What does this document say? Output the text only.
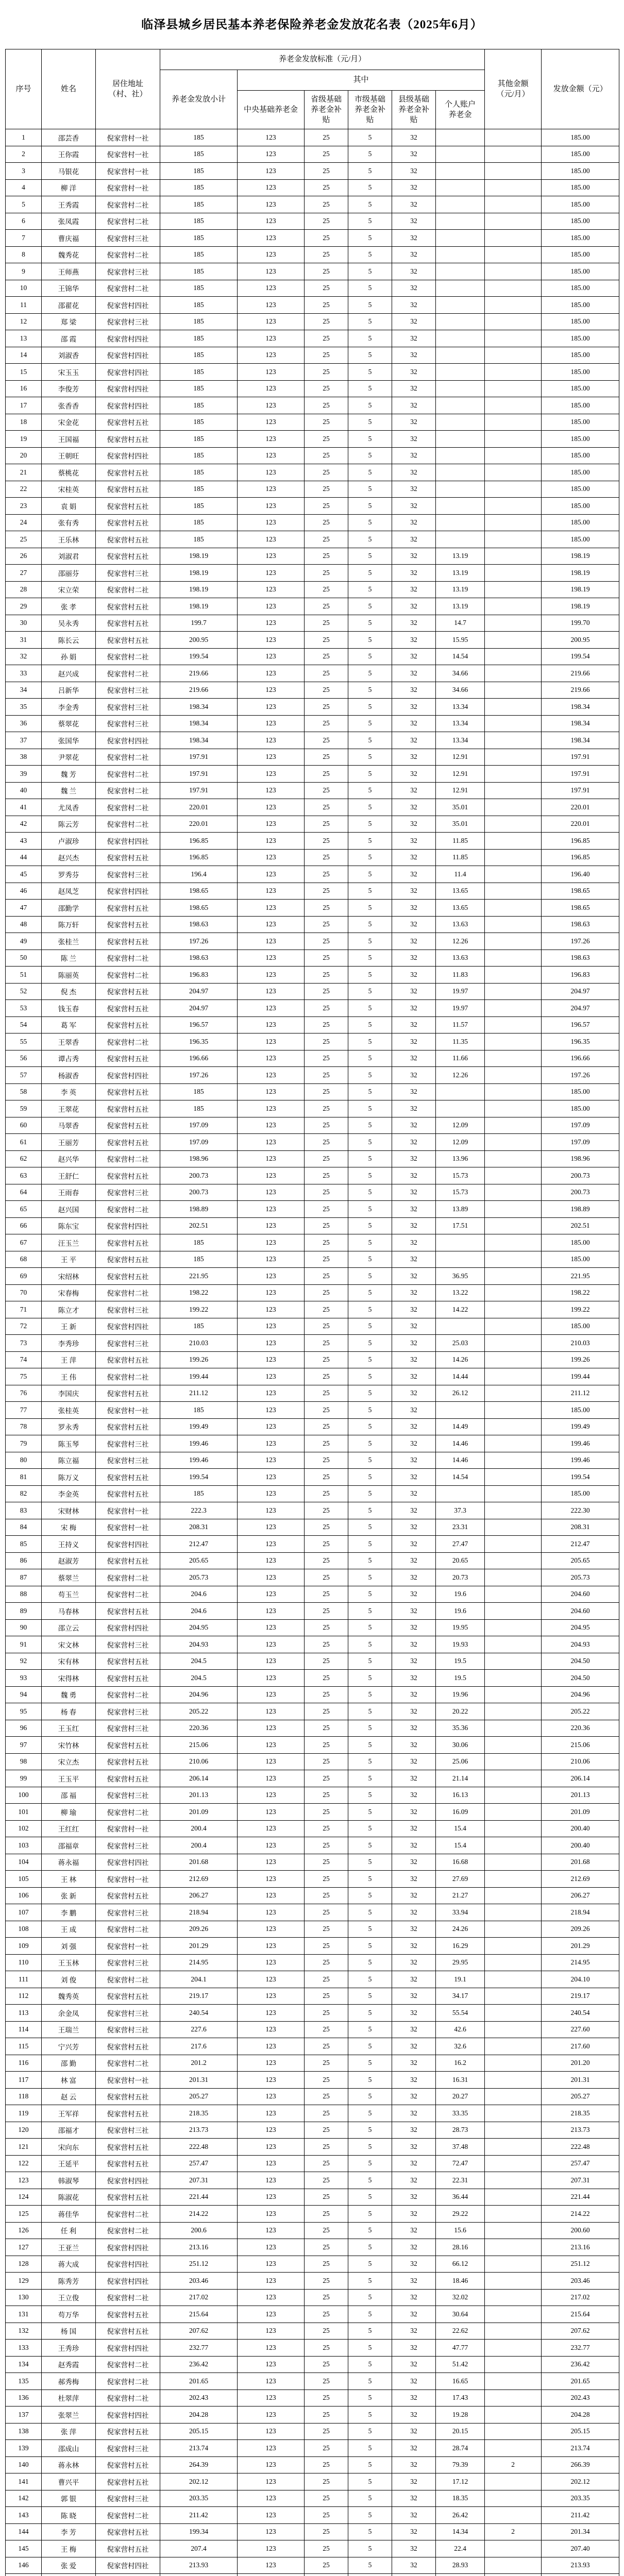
临泽县城乡居民基本养老保险养老金发放花名表（2025年6月）
序号	姓名	居住地址（村、社）	养老金发放标准（元/月）						其他金额（元/月）	发放金额（元）
			养老金发放小计	其中						
				中央基础养老金	省级基础养老金补贴	市级基础养老金补贴	县级基础养老金补贴	个人账户养老金		
1	邵芸香	倪家营村一社	185	123	25	5	32			185.00
2	王你霞	倪家营村一社	185	123	25	5	32			185.00
3	马银花	倪家营村一社	185	123	25	5	32			185.00
4	柳 洋	倪家营村一社	185	123	25	5	32			185.00
5	王秀霞	倪家营村二社	185	123	25	5	32			185.00
6	张凤霞	倪家营村二社	185	123	25	5	32			185.00
7	曹庆福	倪家营村三社	185	123	25	5	32			185.00
8	魏秀花	倪家营村二社	185	123	25	5	32			185.00
9	王师燕	倪家营村三社	185	123	25	5	32			185.00
10	王锦华	倪家营村二社	185	123	25	5	32			185.00
11	邵翟花	倪家营村四社	185	123	25	5	32			185.00
12	郑 梁	倪家营村三社	185	123	25	5	32			185.00
13	邵 霞	倪家营村四社	185	123	25	5	32			185.00
14	刘淑香	倪家营村四社	185	123	25	5	32			185.00
15	宋玉玉	倪家营村四社	185	123	25	5	32			185.00
16	李俊芳	倪家营村四社	185	123	25	5	32			185.00
17	张香香	倪家营村四社	185	123	25	5	32			185.00
18	宋金花	倪家营村五社	185	123	25	5	32			185.00
19	王国福	倪家营村五社	185	123	25	5	32			185.00
20	王朝旺	倪家营村四社	185	123	25	5	32			185.00
21	蔡桃花	倪家营村五社	185	123	25	5	32			185.00
22	宋桂英	倪家营村五社	185	123	25	5	32			185.00
23	袁 娟	倪家营村五社	185	123	25	5	32			185.00
24	张有秀	倪家营村五社	185	123	25	5	32			185.00
25	王乐林	倪家营村五社	185	123	25	5	32			185.00
26	刘淑君	倪家营村五社	198.19	123	25	5	32	13.19		198.19
27	邵丽芬	倪家营村三社	198.19	123	25	5	32	13.19		198.19
28	宋立荣	倪家营村二社	198.19	123	25	5	32	13.19		198.19
29	张 孝	倪家营村五社	198.19	123	25	5	32	13.19		198.19
30	吴永秀	倪家营村五社	199.7	123	25	5	32	14.7		199.70
31	陈长云	倪家营村五社	200.95	123	25	5	32	15.95		200.95
32	孙 娟	倪家营村二社	199.54	123	25	5	32	14.54		199.54
33	赵兴成	倪家营村二社	219.66	123	25	5	32	34.66		219.66
34	吕新华	倪家营村三社	219.66	123	25	5	32	34.66		219.66
35	李金秀	倪家营村三社	198.34	123	25	5	32	13.34		198.34
36	蔡翠花	倪家营村三社	198.34	123	25	5	32	13.34		198.34
37	张国华	倪家营村四社	198.34	123	25	5	32	13.34		198.34
38	尹翠花	倪家营村二社	197.91	123	25	5	32	12.91		197.91
39	魏 芳	倪家营村二社	197.91	123	25	5	32	12.91		197.91
40	魏 兰	倪家营村二社	197.91	123	25	5	32	12.91		197.91
41	尤凤香	倪家营村二社	220.01	123	25	5	32	35.01		220.01
42	陈云芳	倪家营村二社	220.01	123	25	5	32	35.01		220.01
43	卢淑珍	倪家营村四社	196.85	123	25	5	32	11.85		196.85
44	赵兴杰	倪家营村五社	196.85	123	25	5	32	11.85		196.85
45	罗秀芬	倪家营村三社	196.4	123	25	5	32	11.4		196.40
46	赵凤芝	倪家营村四社	198.65	123	25	5	32	13.65		198.65
47	邵勤学	倪家营村五社	198.65	123	25	5	32	13.65		198.65
48	陈万轩	倪家营村五社	198.63	123	25	5	32	13.63		198.63
49	张桂兰	倪家营村五社	197.26	123	25	5	32	12.26		197.26
50	陈 兰	倪家营村二社	198.63	123	25	5	32	13.63		198.63
51	陈丽英	倪家营村二社	196.83	123	25	5	32	11.83		196.83
52	倪 杰	倪家营村五社	204.97	123	25	5	32	19.97		204.97
53	钱玉春	倪家营村五社	204.97	123	25	5	32	19.97		204.97
54	葛 军	倪家营村五社	196.57	123	25	5	32	11.57		196.57
55	王翠香	倪家营村二社	196.35	123	25	5	32	11.35		196.35
56	谭占秀	倪家营村五社	196.66	123	25	5	32	11.66		196.66
57	杨淑香	倪家营村四社	197.26	123	25	5	32	12.26		197.26
58	李 英	倪家营村五社	185	123	25	5	32			185.00
59	王翠花	倪家营村五社	185	123	25	5	32			185.00
60	马翠香	倪家营村五社	197.09	123	25	5	32	12.09		197.09
61	王丽芳	倪家营村五社	197.09	123	25	5	32	12.09		197.09
62	赵兴华	倪家营村二社	198.96	123	25	5	32	13.96		198.96
63	王舒仁	倪家营村五社	200.73	123	25	5	32	15.73		200.73
64	王雨春	倪家营村三社	200.73	123	25	5	32	15.73		200.73
65	赵兴国	倪家营村二社	198.89	123	25	5	32	13.89		198.89
66	陈东宝	倪家营村四社	202.51	123	25	5	32	17.51		202.51
67	汪玉兰	倪家营村五社	185	123	25	5	32			185.00
68	王 平	倪家营村五社	185	123	25	5	32			185.00
69	宋绍林	倪家营村五社	221.95	123	25	5	32	36.95		221.95
70	宋春梅	倪家营村二社	198.22	123	25	5	32	13.22		198.22
71	陈立才	倪家营村三社	199.22	123	25	5	32	14.22		199.22
72	王 新	倪家营村四社	185	123	25	5	32			185.00
73	李秀珍	倪家营村三社	210.03	123	25	5	32	25.03		210.03
74	王 萍	倪家营村五社	199.26	123	25	5	32	14.26		199.26
75	王 伟	倪家营村二社	199.44	123	25	5	32	14.44		199.44
76	李国庆	倪家营村五社	211.12	123	25	5	32	26.12		211.12
77	张桂英	倪家营村一社	185	123	25	5	32			185.00
78	罗永秀	倪家营村五社	199.49	123	25	5	32	14.49		199.49
79	陈玉琴	倪家营村三社	199.46	123	25	5	32	14.46		199.46
80	陈立福	倪家营村三社	199.46	123	25	5	32	14.46		199.46
81	陈万义	倪家营村五社	199.54	123	25	5	32	14.54		199.54
82	李金英	倪家营村五社	185	123	25	5	32			185.00
83	宋财林	倪家营村一社	222.3	123	25	5	32	37.3		222.30
84	宋 梅	倪家营村一社	208.31	123	25	5	32	23.31		208.31
85	王持义	倪家营村四社	212.47	123	25	5	32	27.47		212.47
86	赵淑芳	倪家营村五社	205.65	123	25	5	32	20.65		205.65
87	蔡翠兰	倪家营村二社	205.73	123	25	5	32	20.73		205.73
88	苟玉兰	倪家营村二社	204.6	123	25	5	32	19.6		204.60
89	马春林	倪家营村五社	204.6	123	25	5	32	19.6		204.60
90	邵立云	倪家营村四社	204.95	123	25	5	32	19.95		204.95
91	宋文林	倪家营村三社	204.93	123	25	5	32	19.93		204.93
92	宋有林	倪家营村五社	204.5	123	25	5	32	19.5		204.50
93	宋得林	倪家营村五社	204.5	123	25	5	32	19.5		204.50
94	魏 勇	倪家营村二社	204.96	123	25	5	32	19.96		204.96
95	杨 春	倪家营村三社	205.22	123	25	5	32	20.22		205.22
96	王玉红	倪家营村三社	220.36	123	25	5	32	35.36		220.36
97	宋竹林	倪家营村五社	215.06	123	25	5	32	30.06		215.06
98	宋立杰	倪家营村五社	210.06	123	25	5	32	25.06		210.06
99	王玉平	倪家营村五社	206.14	123	25	5	32	21.14		206.14
100	邵 福	倪家营村三社	201.13	123	25	5	32	16.13		201.13
101	柳 瑜	倪家营村二社	201.09	123	25	5	32	16.09		201.09
102	王红红	倪家营村一社	200.4	123	25	5	32	15.4		200.40
103	邵福章	倪家营村三社	200.4	123	25	5	32	15.4		200.40
104	蒋永福	倪家营村四社	201.68	123	25	5	32	16.68		201.68
105	王 林	倪家营村一社	212.69	123	25	5	32	27.69		212.69
106	张 新	倪家营村五社	206.27	123	25	5	32	21.27		206.27
107	李 鹏	倪家营村三社	218.94	123	25	5	32	33.94		218.94
108	王 成	倪家营村二社	209.26	123	25	5	32	24.26		209.26
109	刘 强	倪家营村一社	201.29	123	25	5	32	16.29		201.29
110	王玉林	倪家营村三社	214.95	123	25	5	32	29.95		214.95
111	刘 俊	倪家营村二社	204.1	123	25	5	32	19.1		204.10
112	魏秀英	倪家营村五社	219.17	123	25	5	32	34.17		219.17
113	余金凤	倪家营村三社	240.54	123	25	5	32	55.54		240.54
114	王瑞兰	倪家营村三社	227.6	123	25	5	32	42.6		227.60
115	宁兴芳	倪家营村五社	217.6	123	25	5	32	32.6		217.60
116	邵 勤	倪家营村二社	201.2	123	25	5	32	16.2		201.20
117	林 富	倪家营村一社	201.31	123	25	5	32	16.31		201.31
118	赵 云	倪家营村五社	205.27	123	25	5	32	20.27		205.27
119	王军祥	倪家营村五社	218.35	123	25	5	32	33.35		218.35
120	邵福才	倪家营村三社	213.73	123	25	5	32	28.73		213.73
121	宋向东	倪家营村五社	222.48	123	25	5	32	37.48		222.48
122	王延平	倪家营村五社	257.47	123	25	5	32	72.47		257.47
123	韩淑琴	倪家营村四社	207.31	123	25	5	32	22.31		207.31
124	陈淑花	倪家营村五社	221.44	123	25	5	32	36.44		221.44
125	蒋佳华	倪家营村二社	214.22	123	25	5	32	29.22		214.22
126	任 利	倪家营村二社	200.6	123	25	5	32	15.6		200.60
127	王亚兰	倪家营村四社	213.16	123	25	5	32	28.16		213.16
128	蒋大成	倪家营村四社	251.12	123	25	5	32	66.12		251.12
129	陈秀芳	倪家营村四社	203.46	123	25	5	32	18.46		203.46
130	王立俊	倪家营村二社	217.02	123	25	5	32	32.02		217.02
131	苟万华	倪家营村五社	215.64	123	25	5	32	30.64		215.64
132	杨 国	倪家营村五社	207.62	123	25	5	32	22.62		207.62
133	王秀珍	倪家营村四社	232.77	123	25	5	32	47.77		232.77
134	赵秀霞	倪家营村二社	236.42	123	25	5	32	51.42		236.42
135	郝秀梅	倪家营村二社	201.65	123	25	5	32	16.65		201.65
136	杜翠萍	倪家营村二社	202.43	123	25	5	32	17.43		202.43
137	张翠兰	倪家营村四社	204.28	123	25	5	32	19.28		204.28
138	张 萍	倪家营村五社	205.15	123	25	5	32	20.15		205.15
139	邵成山	倪家营村三社	213.74	123	25	5	32	28.74		213.74
140	蒋永林	倪家营村五社	264.39	123	25	5	32	79.39	2	266.39
141	曹兴平	倪家营村五社	202.12	123	25	5	32	17.12		202.12
142	郭 银	倪家营村三社	203.35	123	25	5	32	18.35		203.35
143	陈 晓	倪家营村二社	211.42	123	25	5	32	26.42		211.42
144	李 芳	倪家营村五社	199.34	123	25	5	32	14.34	2	201.34
145	王 梅	倪家营村五社	207.4	123	25	5	32	22.4		207.40
146	张 爱	倪家营村四社	213.93	123	25	5	32	28.93		213.93
